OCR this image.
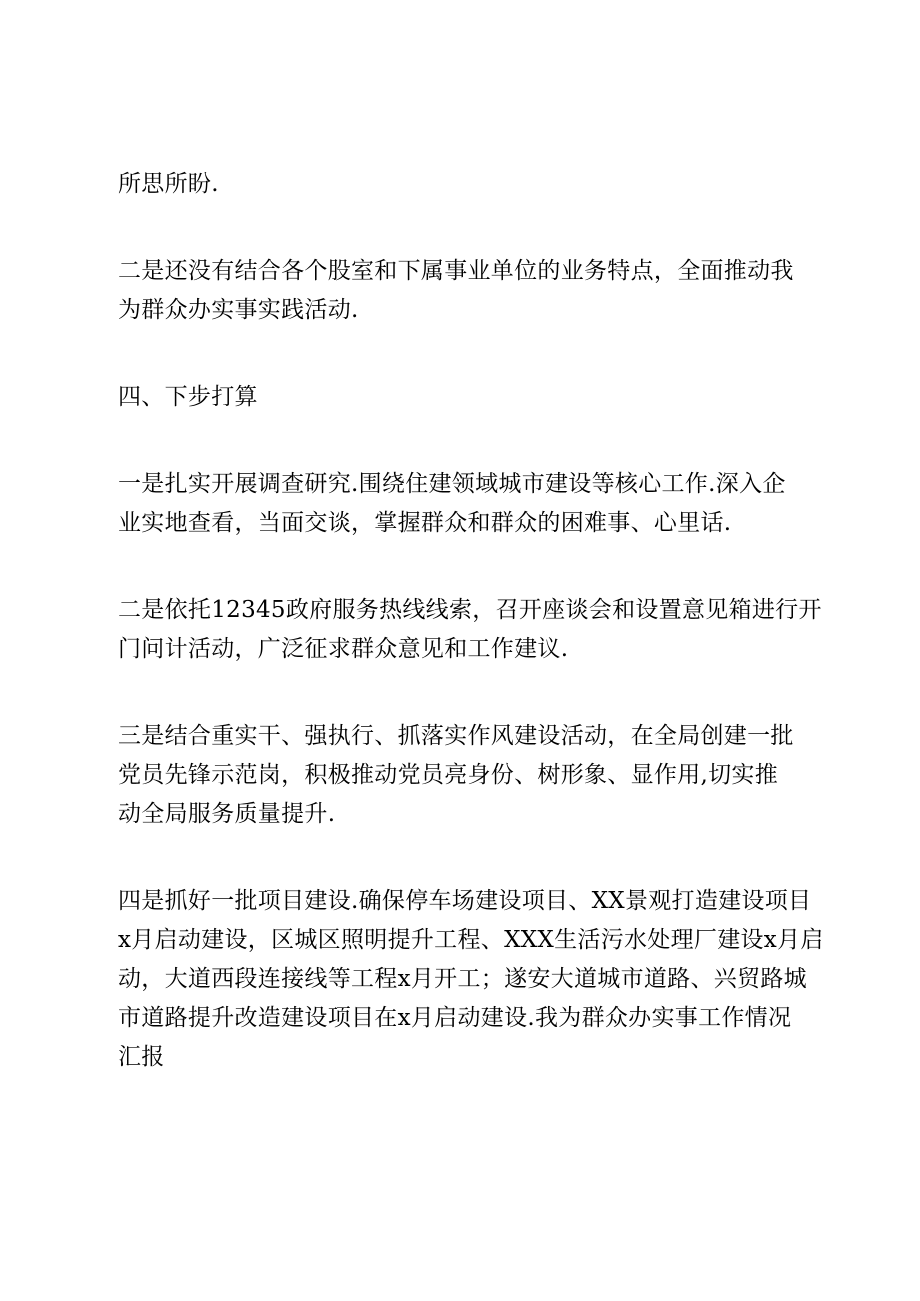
所思所盼.

二是还没有结合各个股室和下属事业单位的业务特点，全面推动我
为群众办实事实践活动.

四、下步打算

一是扎实开展调查研究.围绕住建领域城市建设等核心工作.深入企
业实地查看，当面交谈，掌握群众和群众的困难事、心里话.

二是依托12345政府服务热线线索，召开座谈会和设置意见箱进行开
门问计活动，广泛征求群众意见和工作建议.

三是结合重实干、强执行、抓落实作风建设活动，在全局创建一批
党员先锋示范岗，积极推动党员亮身份、树形象、显作用,切实推
动全局服务质量提升.

四是抓好一批项目建设.确保停车场建设项目、XX景观打造建设项目
x月启动建设，区城区照明提升工程、XXX生活污水处理厂建设x月启
动，大道西段连接线等工程x月开工；遂安大道城市道路、兴贸路城
市道路提升改造建设项目在x月启动建设.我为群众办实事工作情况
汇报
